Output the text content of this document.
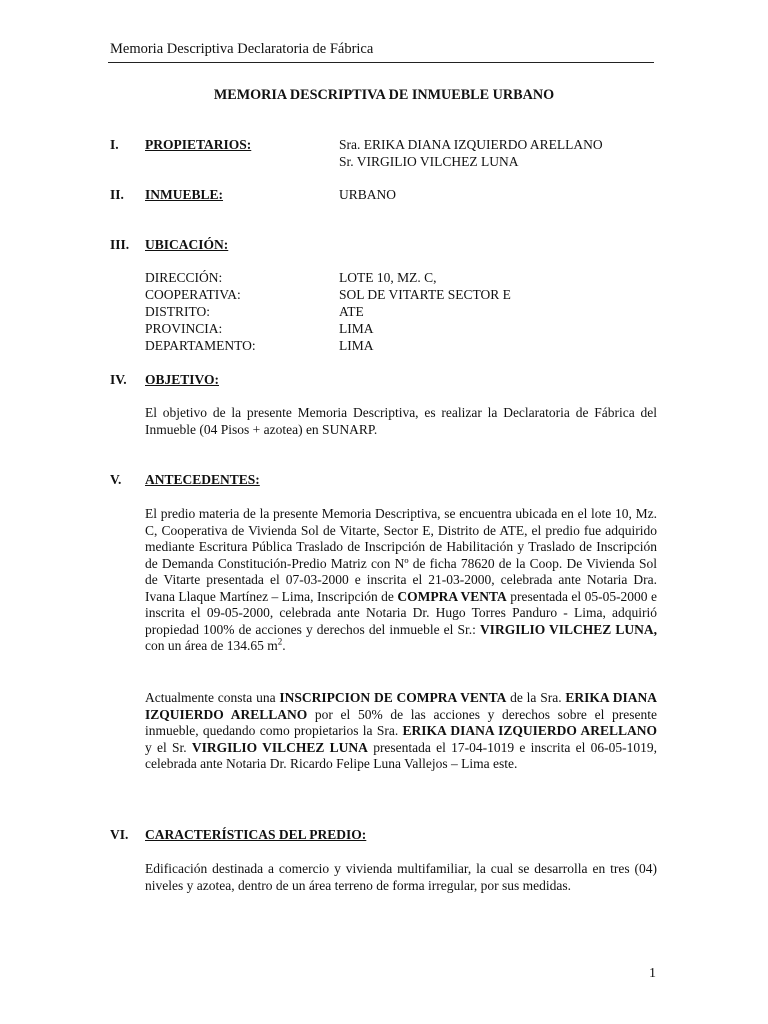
Memoria Descriptiva Declaratoria de Fábrica
MEMORIA DESCRIPTIVA DE INMUEBLE URBANO
I. PROPIETARIOS:	Sra. ERIKA DIANA IZQUIERDO ARELLANO
Sr. VIRGILIO VILCHEZ LUNA
II. INMUEBLE:	URBANO
III. UBICACIÓN:
DIRECCIÓN:	LOTE 10, MZ. C,
COOPERATIVA:	SOL DE VITARTE SECTOR E
DISTRITO:	ATE
PROVINCIA:	LIMA
DEPARTAMENTO:	LIMA
IV. OBJETIVO:

El objetivo de la presente Memoria Descriptiva, es realizar la Declaratoria de Fábrica del Inmueble (04 Pisos + azotea) en SUNARP.

V. ANTECEDENTES:

El predio materia de la presente Memoria Descriptiva, se encuentra ubicada en el lote 10, Mz. C, Cooperativa de Vivienda Sol de Vitarte, Sector E, Distrito de ATE, el predio fue adquirido mediante Escritura Pública Traslado de Inscripción de Habilitación y Traslado de Inscripción de Demanda Constitución-Predio Matriz con Nº de ficha 78620 de la Coop. De Vivienda Sol de Vitarte presentada el 07-03-2000 e inscrita el 21-03-2000, celebrada ante Notaria Dra. Ivana Llaque Martínez – Lima, Inscripción de COMPRA VENTA presentada el 05-05-2000 e inscrita el 09-05-2000, celebrada ante Notaria Dr. Hugo Torres Panduro - Lima, adquirió propiedad 100% de acciones y derechos del inmueble el Sr.: VIRGILIO VILCHEZ LUNA, con un área de 134.65 $m^2$.

Actualmente consta una INSCRIPCION DE COMPRA VENTA de la Sra. ERIKA DIANA IZQUIERDO ARELLANO por el 50% de las acciones y derechos sobre el presente inmueble, quedando como propietarios la Sra. ERIKA DIANA IZQUIERDO ARELLANO y el Sr. VIRGILIO VILCHEZ LUNA presentada el 17-04-1019 e inscrita el 06-05-1019, celebrada ante Notaria Dr. Ricardo Felipe Luna Vallejos – Lima este.

VI. CARACTERÍSTICAS DEL PREDIO:

Edificación destinada a comercio y vivienda multifamiliar, la cual se desarrolla en tres (04) niveles y azotea, dentro de un área terreno de forma irregular, por sus medidas.

1
